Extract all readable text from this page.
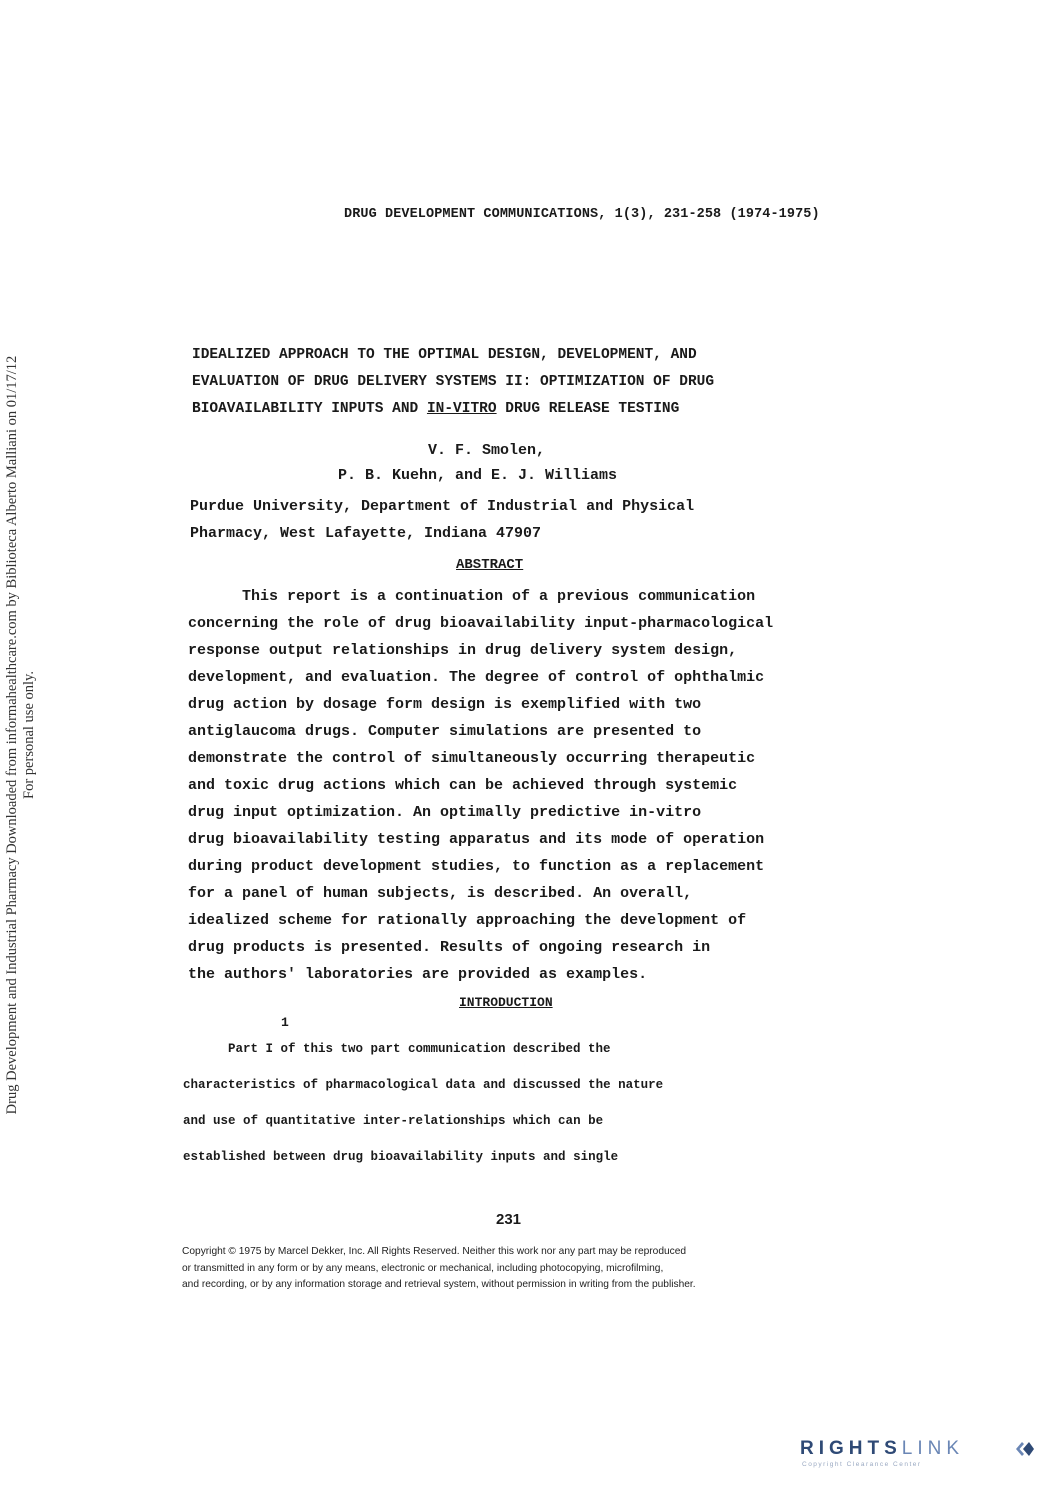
Drug Development and Industrial Pharmacy Downloaded from informahealthcare.com by Biblioteca Alberto Malliani on 01/17/12 For personal use only.
DRUG DEVELOPMENT COMMUNICATIONS, 1(3), 231-258 (1974-1975)
IDEALIZED APPROACH TO THE OPTIMAL DESIGN, DEVELOPMENT, AND
EVALUATION OF DRUG DELIVERY SYSTEMS II: OPTIMIZATION OF DRUG
BIOAVAILABILITY INPUTS AND IN-VITRO DRUG RELEASE TESTING
V. F. Smolen,
P. B. Kuehn, and E. J. Williams
Purdue University, Department of Industrial and Physical
Pharmacy, West Lafayette, Indiana 47907
ABSTRACT
This report is a continuation of a previous communication
concerning the role of drug bioavailability input-pharmacological
response output relationships in drug delivery system design,
development, and evaluation. The degree of control of ophthalmic
drug action by dosage form design is exemplified with two
antiglaucoma drugs. Computer simulations are presented to
demonstrate the control of simultaneously occurring therapeutic
and toxic drug actions which can be achieved through systemic
drug input optimization. An optimally predictive in-vitro
drug bioavailability testing apparatus and its mode of operation
during product development studies, to function as a replacement
for a panel of human subjects, is described. An overall,
idealized scheme for rationally approaching the development of
drug products is presented. Results of ongoing research in
the authors' laboratories are provided as examples.
INTRODUCTION
1
Part I of this two part communication described the
characteristics of pharmacological data and discussed the nature
and use of quantitative inter-relationships which can be
established between drug bioavailability inputs and single
231
Copyright © 1975 by Marcel Dekker, Inc. All Rights Reserved. Neither this work nor any part may be reproduced
or transmitted in any form or by any means, electronic or mechanical, including photocopying, microfilming,
and recording, or by any information storage and retrieval system, without permission in writing from the publisher.
RIGHTSLINK
Copyright Clearance Center
